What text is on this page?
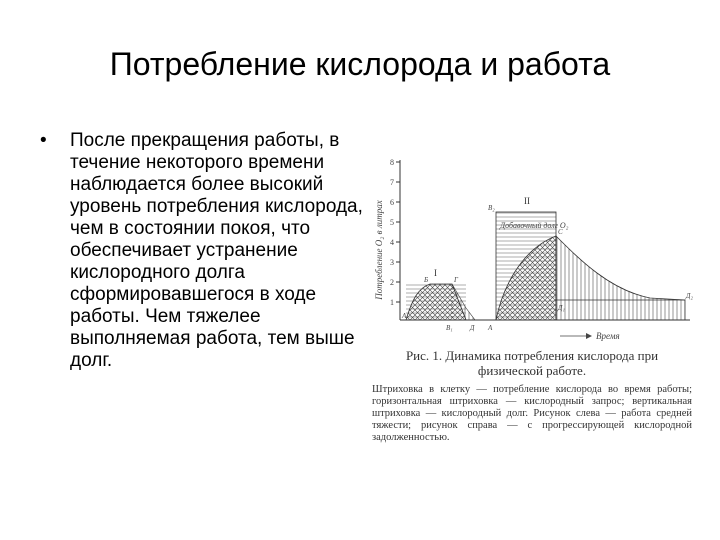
Потребление кислорода и работа
•	После прекращения работы, в течение некоторого времени наблюдается более высокий уровень потребления кислорода, чем в состоянии покоя, что обеспечивает устранение кислородного долга сформировавшегося в ходе работы. Чем тяжелее выполняемая работа, тем выше долг.
8
7
6
5
4
3
2
1
Потребление O₂ в литрах	Добавочный долг O₂
I
II
А
Б	Г
Д
В₁	А
В₂
С
Д₁
Д₂
Время
Рис. 1. Динамика потребления кислорода при физической работе.
Штриховка в клетку — потребление кислорода во время работы; горизонтальная штриховка — кислородный запрос; вертикальная штриховка — кислородный долг. Рисунок слева — работа средней тяжести; рисунок справа — с прогрессирующей кислородной задолженностью.
